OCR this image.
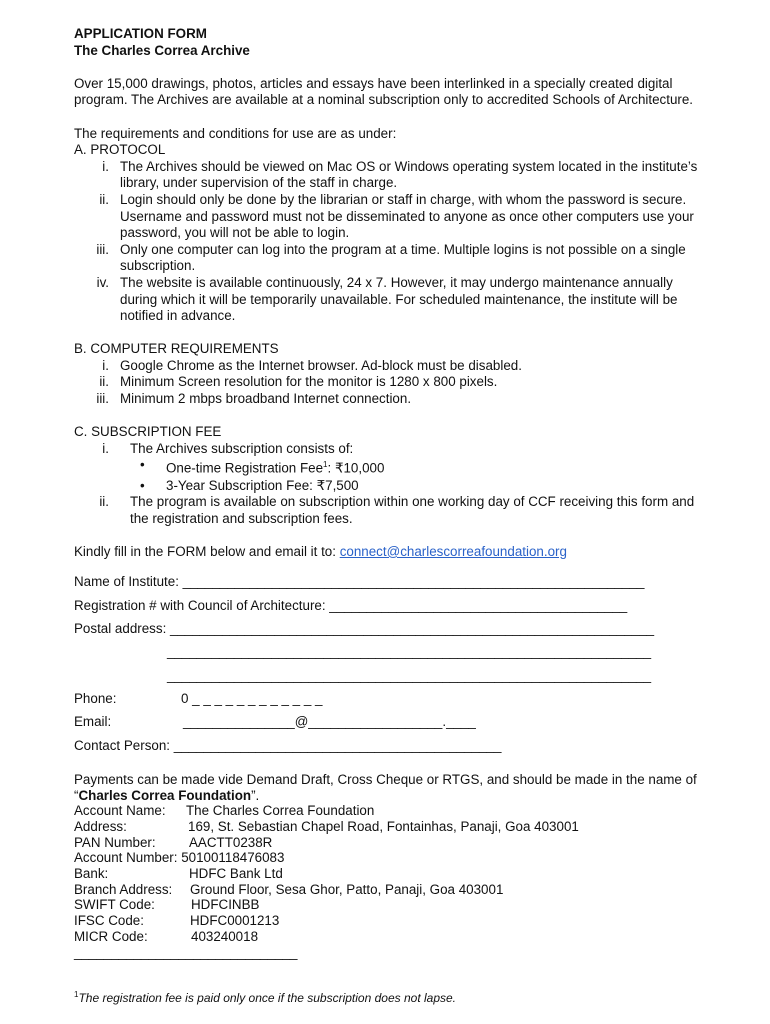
APPLICATION FORM

The Charles Correa Archive

Over 15,000 drawings, photos, articles and essays have been interlinked in a specially created digital program. The Archives are available at a nominal subscription only to accredited Schools of Architecture.

The requirements and conditions for use are as under:

A. PROTOCOL

i. The Archives should be viewed on Mac OS or Windows operating system located in the institute’s library, under supervision of the staff in charge.
ii. Login should only be done by the librarian or staff in charge, with whom the password is secure. Username and password must not be disseminated to anyone as once other computers use your password, you will not be able to login.
iii. Only one computer can log into the program at a time. Multiple logins is not possible on a single subscription.
iv. The website is available continuously, 24 x 7. However, it may undergo maintenance annually during which it will be temporarily unavailable. For scheduled maintenance, the institute will be notified in advance.

B. COMPUTER REQUIREMENTS

i. Google Chrome as the Internet browser. Ad-block must be disabled.
ii. Minimum Screen resolution for the monitor is 1280 x 800 pixels.
iii. Minimum 2 mbps broadband Internet connection.

C. SUBSCRIPTION FEE

i.	The Archives subscription consists of:
•	One-time Registration Fee$^1$: ₹10,000
•	3-Year Subscription Fee: ₹7,500
ii.	The program is available on subscription within one working day of CCF receiving this form and the registration and subscription fees.

Kindly fill in the FORM below and email it to: connect@charlescorreafoundation.org

Name of Institute: ______________________________________________________________
Registration # with Council of Architecture: ________________________________________
Postal address: _________________________________________________________________
_________________________________________________________________
_________________________________________________________________
Phone:	0 _ _ _ _ _ _ _ _ _ _ _ _
Email:	_______________@__________________.____
Contact Person: ____________________________________________

Payments can be made vide Demand Draft, Cross Cheque or RTGS, and should be made in the name of “Charles Correa Foundation”.

Account Name: The Charles Correa Foundation
Address:	169, St. Sebastian Chapel Road, Fontainhas, Panaji, Goa 403001
PAN Number: AACTT0238R
Account Number: 50100118476083
Bank:	HDFC Bank Ltd
Branch Address: Ground Floor, Sesa Ghor, Patto, Panaji, Goa 403001
SWIFT Code:	HDFCINBB
IFSC Code:	HDFC0001213
MICR Code:	403240018
______________________________
$^1$The registration fee is paid only once if the subscription does not lapse.
